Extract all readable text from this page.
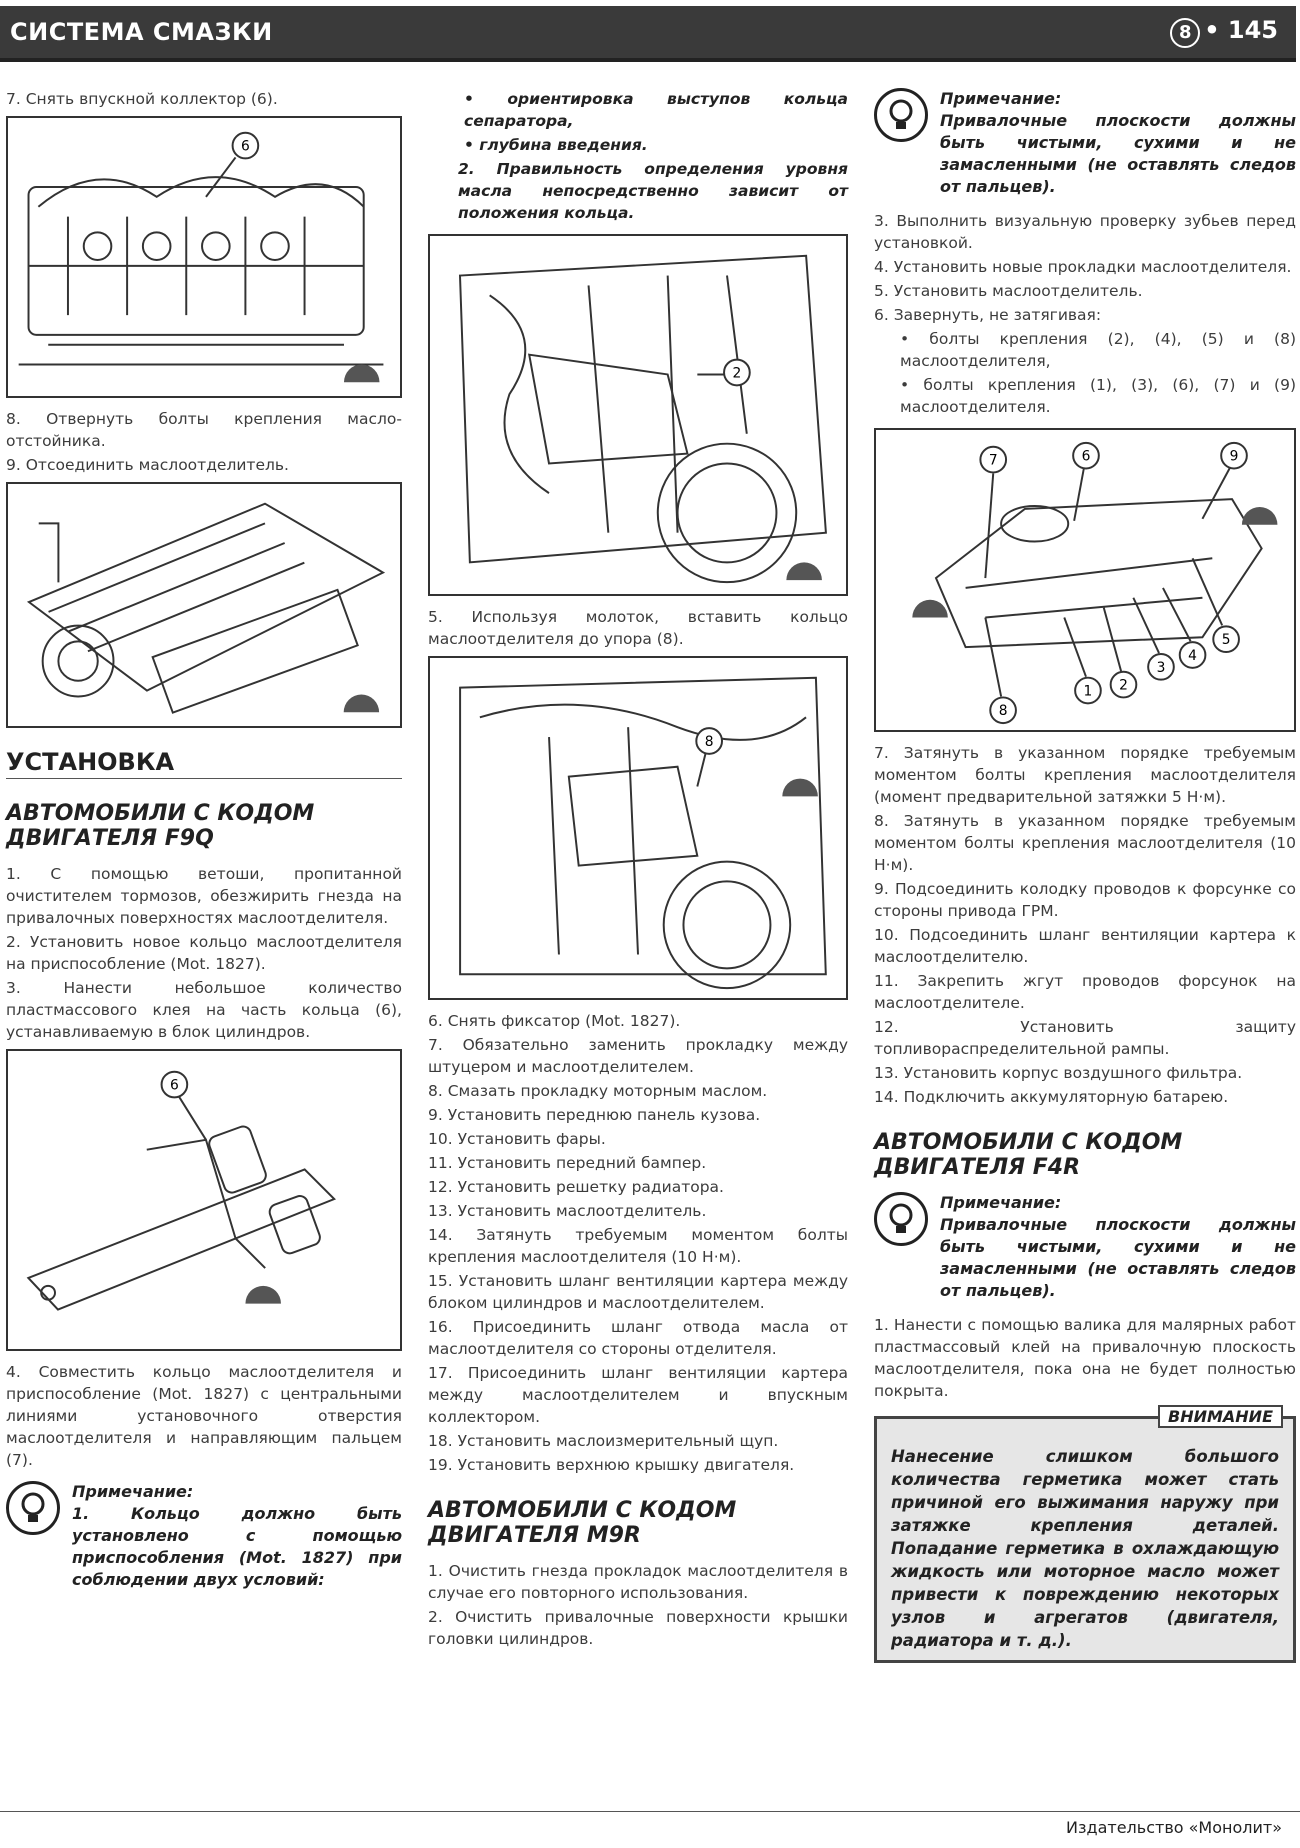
СИСТЕМА СМАЗКИ	8 • 145

7. Снять впускной коллектор (6).

6

8. Отвернуть болты крепления масло-отстойника.

9. Отсоединить маслоотделитель.

УСТАНОВКА
АВТОМОБИЛИ С КОДОМ ДВИГАТЕЛЯ F9Q

1. С помощью ветоши, пропитанной очистителем тормозов, обезжирить гнезда на привалочных поверхностях маслоотделителя.

2. Установить новое кольцо маслоотделителя на приспособление (Mot. 1827).

3. Нанести небольшое количество пластмассового клея на часть кольца (6), устанавливаемую в блок цилиндров.

6

4. Совместить кольцо маслоотделителя и приспособление (Mot. 1827) с центральными линиями установочного отверстия маслоотделителя и направляющим пальцем (7).

Примечание:
1. Кольцо должно быть установлено с помощью приспособления (Mot. 1827) при соблюдении двух условий:

• ориентировка выступов кольца сепаратора,

• глубина введения.

2. Правильность определения уровня масла непосредственно зависит от положения кольца.

2

5. Используя молоток, вставить кольцо маслоотделителя до упора (8).

8

6. Снять фиксатор (Mot. 1827).

7. Обязательно заменить прокладку между штуцером и маслоотделителем.

8. Смазать прокладку моторным маслом.

9. Установить переднюю панель кузова.

10. Установить фары.

11. Установить передний бампер.

12. Установить решетку радиатора.

13. Установить маслоотделитель.

14. Затянуть требуемым моментом болты крепления маслоотделителя (10 Н·м).

15. Установить шланг вентиляции картера между блоком цилиндров и маслоотделителем.

16. Присоединить шланг отвода масла от маслоотделителя со стороны отделителя.

17. Присоединить шланг вентиляции картера между маслоотделителем и впускным коллектором.

18. Установить маслоизмерительный щуп.

19. Установить верхнюю крышку двигателя.

АВТОМОБИЛИ С КОДОМ ДВИГАТЕЛЯ M9R

1. Очистить гнезда прокладок маслоотделителя в случае его повторного использования.

2. Очистить привалочные поверхности крышки головки цилиндров.

Примечание:
Привалочные плоскости должны быть чистыми, сухими и не замасленными (не оставлять следов от пальцев).

3. Выполнить визуальную проверку зубьев перед установкой.

4. Установить новые прокладки маслоотделителя.

5. Установить маслоотделитель.

6. Завернуть, не затягивая:

• болты крепления (2), (4), (5) и (8) маслоотделителя,

• болты крепления (1), (3), (6), (7) и (9) маслоотделителя.

7	6	9
8
1 2
3
4
5

7. Затянуть в указанном порядке требуемым моментом болты крепления маслоотделителя (момент предварительной затяжки 5 Н·м).

8. Затянуть в указанном порядке требуемым моментом болты крепления маслоотделителя (10 Н·м).

9. Подсоединить колодку проводов к форсунке со стороны привода ГРМ.

10. Подсоединить шланг вентиляции картера к маслоотделителю.

11. Закрепить жгут проводов форсунок на маслоотделителе.

12. Установить защиту топливораспределительной рампы.

13. Установить корпус воздушного фильтра.

14. Подключить аккумуляторную батарею.

АВТОМОБИЛИ С КОДОМ ДВИГАТЕЛЯ F4R
Примечание:
Привалочные плоскости должны быть чистыми, сухими и не замасленными (не оставлять следов от пальцев).

1. Нанести с помощью валика для малярных работ пластмассовый клей на привалочную плоскость маслоотделителя, пока она не будет полностью покрыта.

ВНИМАНИЕ
Нанесение слишком большого количества герметика может стать причиной его выжимания наружу при затяжке крепления деталей. Попадание герметика в охлаждающую жидкость или моторное масло может привести к повреждению некоторых узлов и агрегатов (двигателя, радиатора и т. д.).
Издательство «Монолит»
